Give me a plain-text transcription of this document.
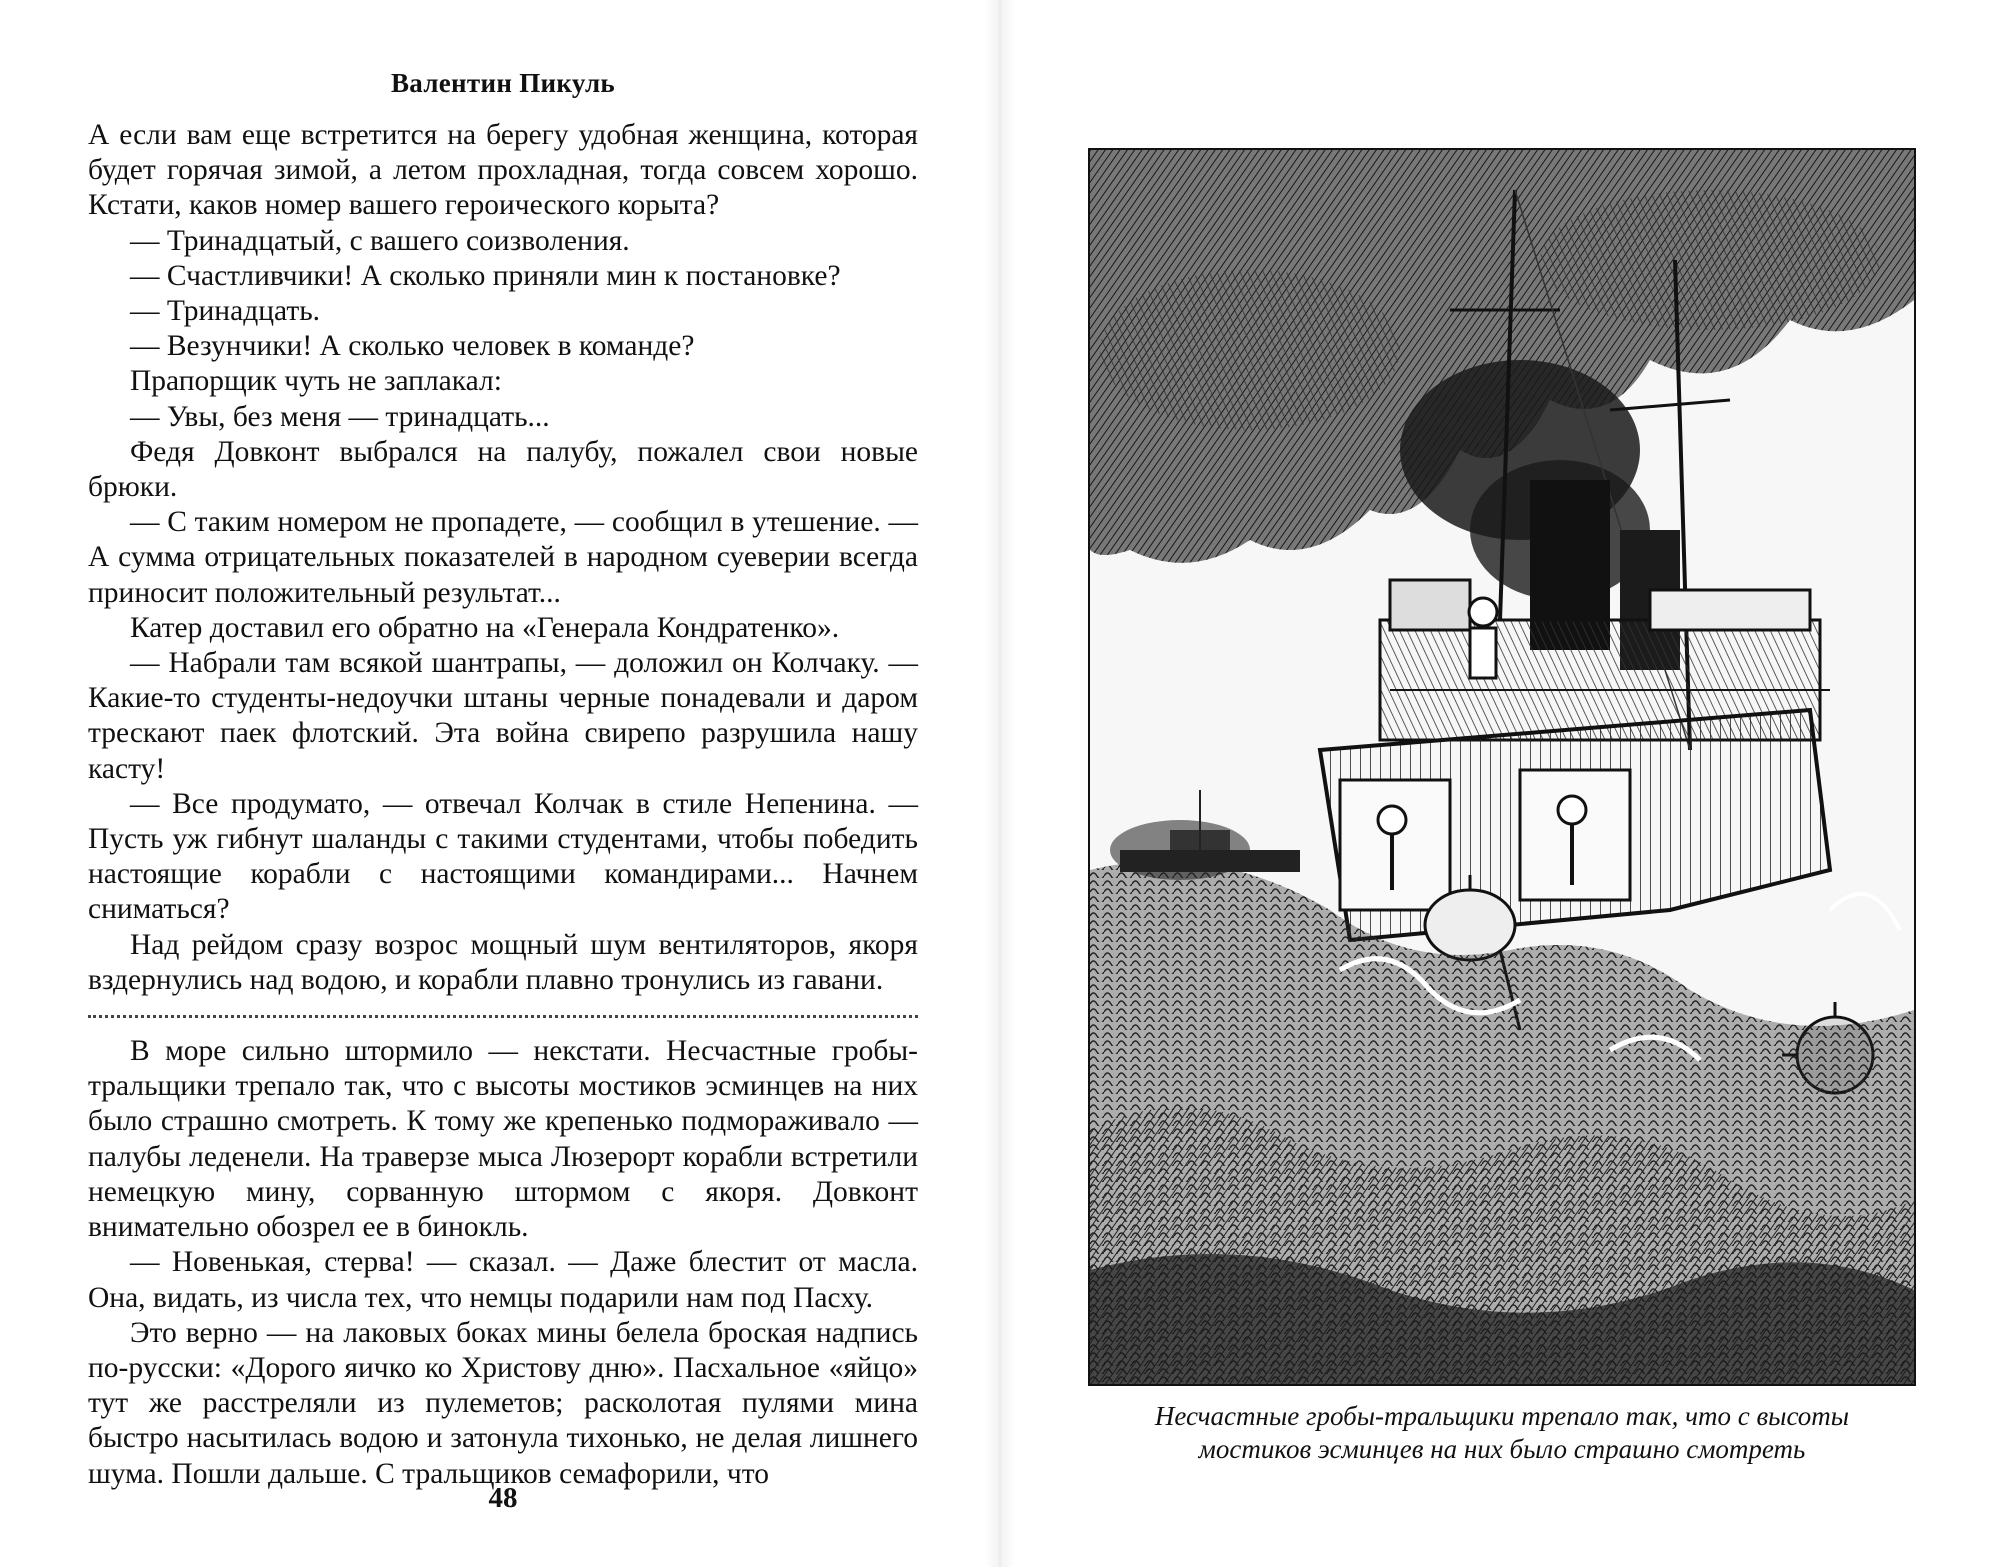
Валентин Пикуль

А если вам еще встретится на берегу удобная женщина, которая будет горячая зимой, а летом прохладная, тогда совсем хорошо. Кстати, каков номер вашего героического корыта?

— Тринадцатый, с вашего соизволения.

— Счастливчики! А сколько приняли мин к постановке?

— Тринадцать.

— Везунчики! А сколько человек в команде?

Прапорщик чуть не заплакал:

— Увы, без меня — тринадцать...

Федя Довконт выбрался на палубу, пожалел свои новые брюки.

— С таким номером не пропадете, — сообщил в утешение. — А сумма отрицательных показателей в народном суеверии всегда приносит положительный результат...

Катер доставил его обратно на «Генерала Кондратенко».

— Набрали там всякой шантрапы, — доложил он Колчаку. — Какие-то студенты-недоучки штаны черные понадевали и даром трескают паек флотский. Эта война свирепо разрушила нашу касту!

— Все продумато, — отвечал Колчак в стиле Непенина. — Пусть уж гибнут шаланды с такими студентами, чтобы победить настоящие корабли с настоящими командирами... Начнем сниматься?

Над рейдом сразу возрос мощный шум вентиляторов, якоря вздернулись над водою, и корабли плавно тронулись из гавани.

В море сильно штормило — некстати. Несчастные гробы-тральщики трепало так, что с высоты мостиков эсминцев на них было страшно смотреть. К тому же крепенько подмораживало — палубы леденели. На траверзе мыса Люзерорт корабли встретили немецкую мину, сорванную штормом с якоря. Довконт внимательно обозрел ее в бинокль.

— Новенькая, стерва! — сказал. — Даже блестит от масла. Она, видать, из числа тех, что немцы подарили нам под Пасху.

Это верно — на лаковых боках мины белела броская надпись по-русски: «Дорого яичко ко Христову дню». Пасхальное «яйцо» тут же расстреляли из пулеметов; расколотая пулями мина быстро насытилась водою и затонула тихонько, не делая лишнего шума. Пошли дальше. С тральщиков семафорили, что

48
Несчастные гробы-тральщики трепало так, что с высоты
мостиков эсминцев на них было страшно смотреть
